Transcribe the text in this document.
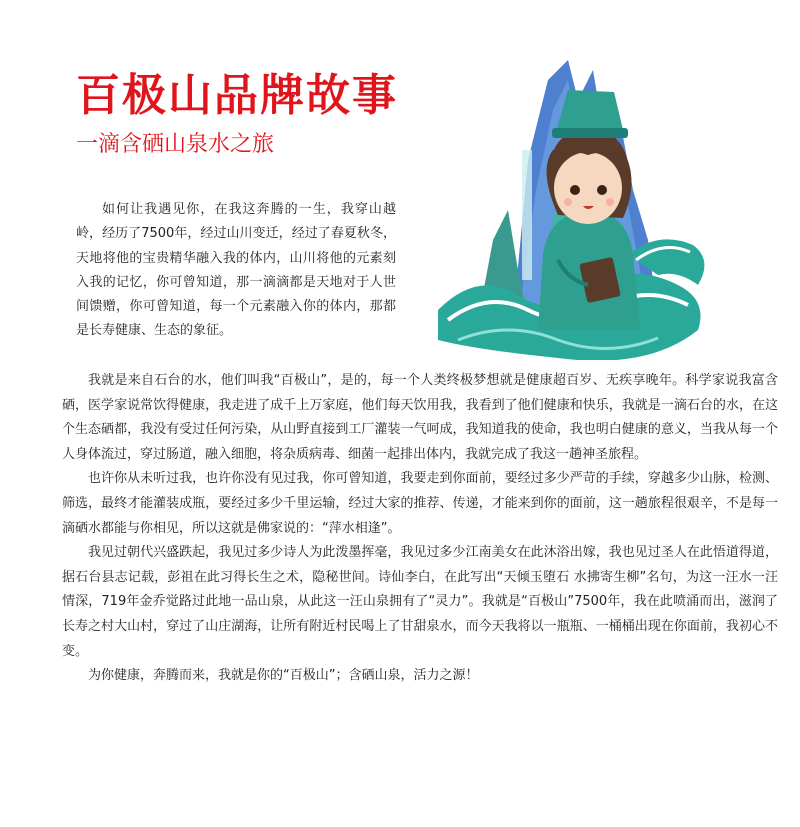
百极山品牌故事
一滴含硒山泉水之旅

如何让我遇见你，在我这奔腾的一生，我穿山越岭，经历了7500年，经过山川变迁，经过了春夏秋冬，天地将他的宝贵精华融入我的体内，山川将他的元素刻入我的记忆，你可曾知道，那一滴滴都是天地对于人世间馈赠，你可曾知道，每一个元素融入你的体内，那都是长寿健康、生态的象征。

我就是来自石台的水，他们叫我“百极山”，是的，每一个人类终极梦想就是健康超百岁、无疾享晚年。科学家说我富含硒，医学家说常饮得健康，我走进了成千上万家庭，他们每天饮用我，我看到了他们健康和快乐，我就是一滴石台的水，在这个生态硒都，我没有受过任何污染，从山野直接到工厂灌装一气呵成，我知道我的使命，我也明白健康的意义，当我从每一个人身体流过，穿过肠道，融入细胞，将杂质病毒、细菌一起排出体内，我就完成了我这一趟神圣旅程。

也许你从未听过我，也许你没有见过我，你可曾知道，我要走到你面前，要经过多少严苛的手续，穿越多少山脉，检测、筛选，最终才能灌装成瓶，要经过多少千里运输，经过大家的推荐、传递，才能来到你的面前，这一趟旅程很艰辛，不是每一滴硒水都能与你相见，所以这就是佛家说的：“萍水相逢”。

我见过朝代兴盛跌起，我见过多少诗人为此泼墨挥毫，我见过多少江南美女在此沐浴出嫁，我也见过圣人在此悟道得道，据石台县志记载，彭祖在此习得长生之术，隐秘世间。诗仙李白，在此写出“天倾玉堕石 水拂寄生柳”名句，为这一汪水一汪情深，719年金乔觉路过此地一品山泉，从此这一汪山泉拥有了“灵力”。我就是“百极山”7500年，我在此喷涌而出，滋润了长寿之村大山村，穿过了山庄湖海，让所有附近村民喝上了甘甜泉水，而今天我将以一瓶瓶、一桶桶出现在你面前，我初心不变。

为你健康，奔腾而来，我就是你的“百极山”；含硒山泉，活力之源！
